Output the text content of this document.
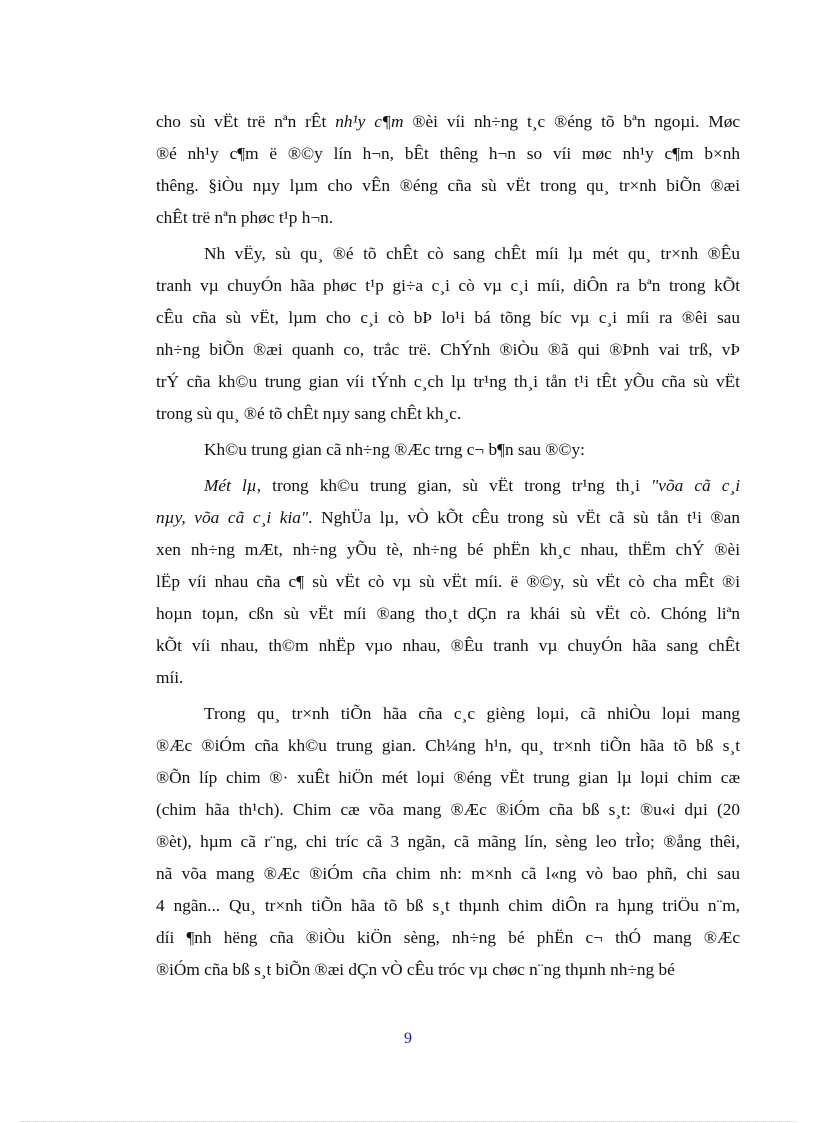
cho sù vËt trë nªn rÊt nh¹y c¶m ®èi víi nh÷ng t¸c ®éng tõ bªn ngoµi. Møc
®é nh¹y c¶m ë ®©y lín h¬n, bÊt thêng h¬n so víi møc nh¹y c¶m b×nh
thêng. §iÒu nµy lµm cho vÊn ®éng cña sù vËt trong qu¸ tr×nh biÕn ®æi
chÊt trë nªn phøc t¹p h¬n.

Nh vËy, sù qu¸ ®é tõ chÊt cò sang chÊt míi lµ mét qu¸ tr×nh ®Êu
tranh vµ chuyÓn hãa phøc t¹p gi÷a c¸i cò vµ c¸i míi, diÔn ra bªn trong kÕt
cÊu cña sù vËt, lµm cho c¸i cò bÞ lo¹i bá tõng bíc vµ c¸i míi ra ®êi sau
nh÷ng biÕn ®æi quanh co, trắc trë. ChÝnh ®iÒu ®ã qui ®Þnh vai trß, vÞ
trÝ cña kh©u trung gian víi tÝnh c¸ch lµ tr¹ng th¸i tån t¹i tÊt yÕu cña sù vËt
trong sù qu¸ ®é tõ chÊt nµy sang chÊt kh¸c.

Kh©u trung gian cã nh÷ng ®Æc trng c¬ b¶n sau ®©y:

Mét lµ, trong kh©u trung gian, sù vËt trong tr¹ng th¸i "võa cã c¸i
nµy, võa cã c¸i kia". NghÜa lµ, vÒ kÕt cÊu trong sù vËt cã sù tån t¹i ®an
xen nh÷ng mÆt, nh÷ng yÕu tè, nh÷ng bé phËn kh¸c nhau, thËm chÝ ®èi
lËp víi nhau cña c¶ sù vËt cò vµ sù vËt míi. ë ®©y, sù vËt cò cha mÊt ®i
hoµn toµn, cßn sù vËt míi ®ang tho¸t dÇn ra khái sù vËt cò. Chóng liªn
kÕt víi nhau, th©m nhËp vµo nhau, ®Êu tranh vµ chuyÓn hãa sang chÊt
míi.

Trong qu¸ tr×nh tiÕn hãa cña c¸c gièng loµi, cã nhiÒu loµi mang
®Æc ®iÓm cña kh©u trung gian. Ch¼ng h¹n, qu¸ tr×nh tiÕn hãa tõ bß s¸t
®Õn líp chim ®· xuÊt hiÖn mét loµi ®éng vËt trung gian lµ loµi chim cæ
(chim hãa th¹ch). Chim cæ võa mang ®Æc ®iÓm cña bß s¸t: ®u«i dµi (20
®èt), hµm cã r¨ng, chi tríc cã 3 ngãn, cã mãng lín, sèng leo trÌo; ®ång thêi,
nã võa mang ®Æc ®iÓm cña chim nh: m×nh cã l«ng vò bao phñ, chi sau
4 ngãn... Qu¸ tr×nh tiÕn hãa tõ bß s¸t thµnh chim diÔn ra hµng triÖu n¨m,
díi ¶nh hëng cña ®iÒu kiÖn sèng, nh÷ng bé phËn c¬ thÓ mang ®Æc
®iÓm cña bß s¸t biÕn ®æi dÇn vÒ cÊu tróc vµ chøc n¨ng thµnh nh÷ng bé

9
